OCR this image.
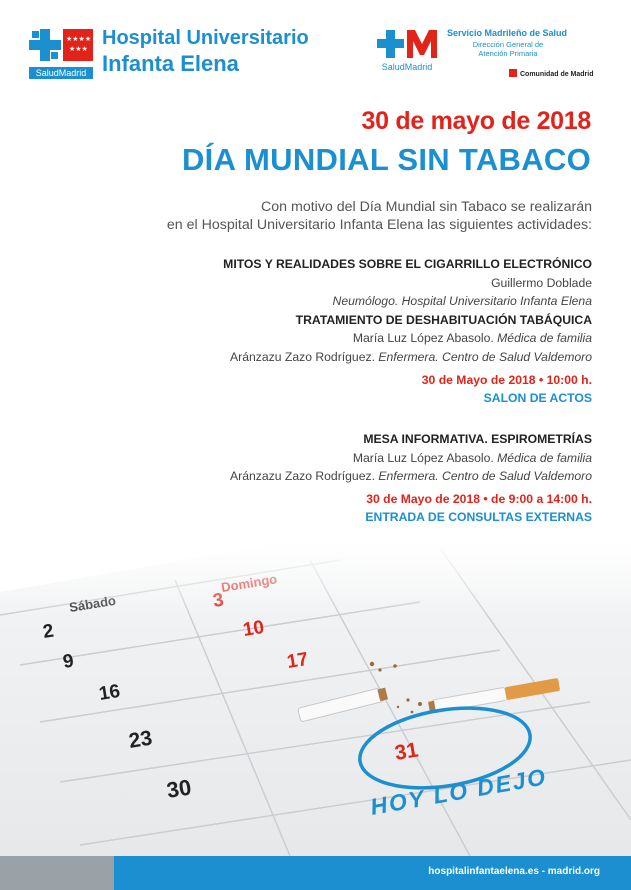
★★★★
★★★
SaludMadrid
Hospital Universitario
Infanta Elena	SaludMadrid
Servicio Madrileño de Salud
Dirección General de
Atención Primaria
Comunidad de Madrid
30 de mayo de 2018
DÍA MUNDIAL SIN TABACO
Con motivo del Día Mundial sin Tabaco se realizarán
en el Hospital Universitario Infanta Elena las siguientes actividades:
MITOS Y REALIDADES SOBRE EL CIGARRILLO ELECTRÓNICO
Guillermo Doblade
Neumólogo. Hospital Universitario Infanta Elena
TRATAMIENTO DE DESHABITUACIÓN TABÁQUICA
María Luz López Abasolo. Médica de familia
Aránzazu Zazo Rodríguez. Enfermera. Centro de Salud Valdemoro
30 de Mayo de 2018 • 10:00 h.
SALON DE ACTOS
MESA INFORMATIVA. ESPIROMETRÍAS
María Luz López Abasolo. Médica de familia
Aránzazu Zazo Rodríguez. Enfermera. Centro de Salud Valdemoro
30 de Mayo de 2018 • de 9:00 a 14:00 h.
ENTRADA DE CONSULTAS EXTERNAS
hospitalinfantaelena.es - madrid.org
